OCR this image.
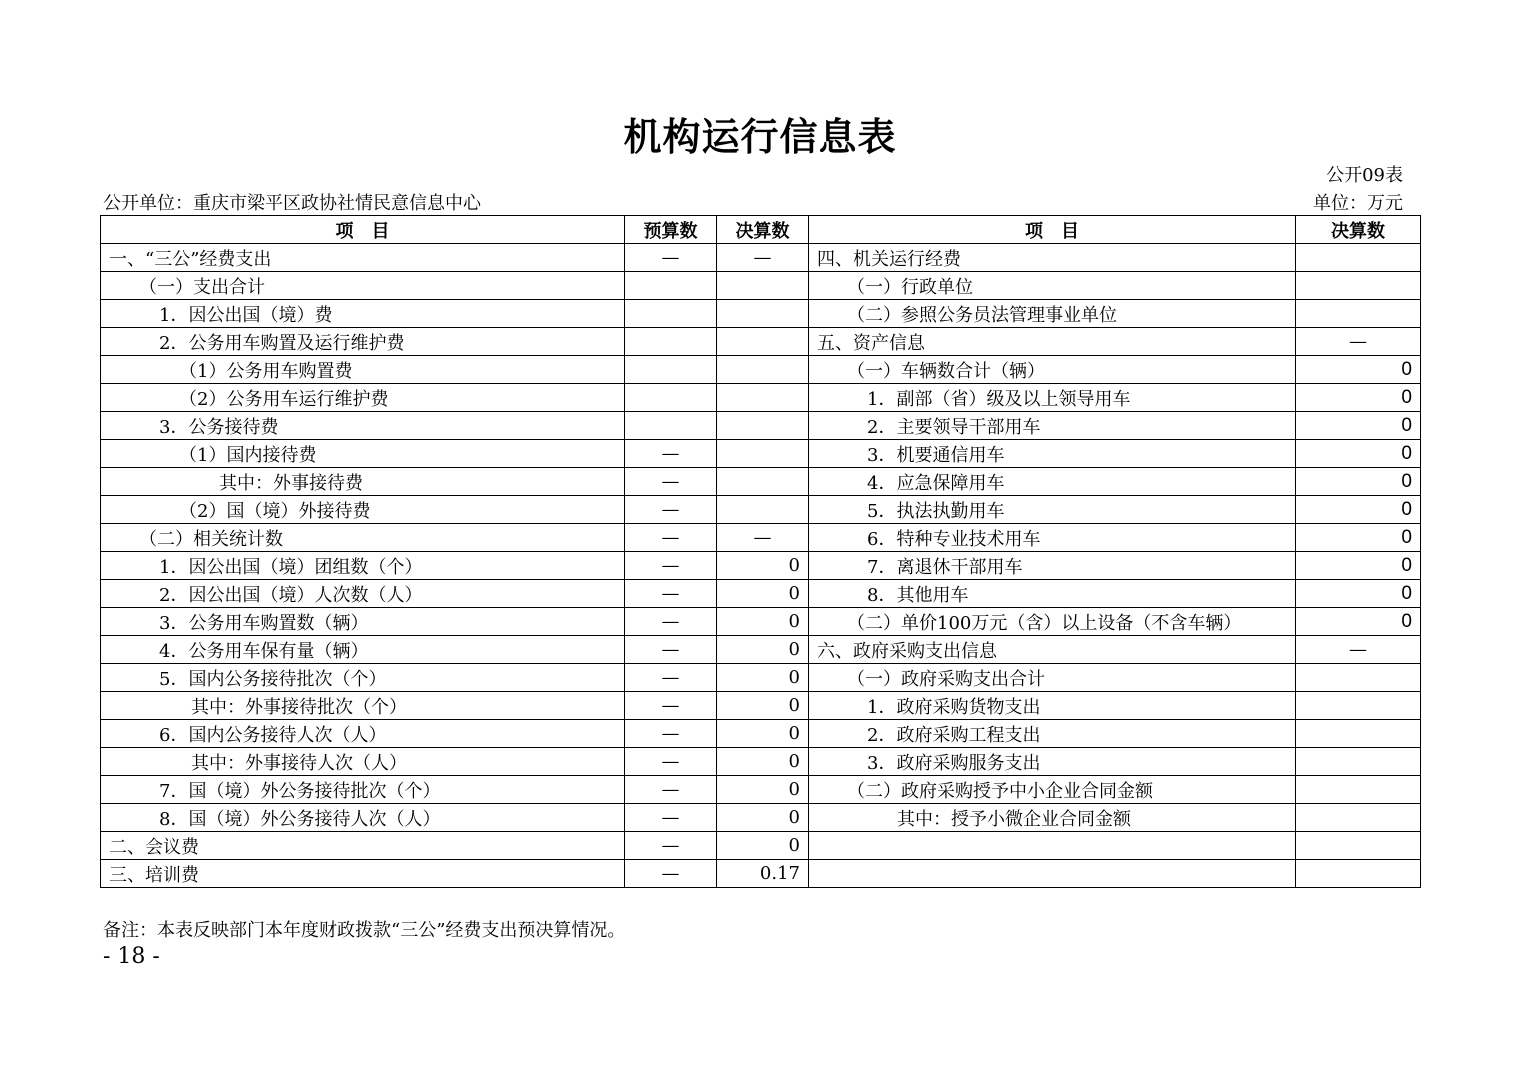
机构运行信息表
公开09表
公开单位：重庆市梁平区政协社情民意信息中心	单位：万元
项　目	预算数	决算数	项　目	决算数
一、“三公”经费支出	—	—	四、机关运行经费	
（一）支出合计			（一）行政单位	
1．因公出国（境）费			（二）参照公务员法管理事业单位	
2．公务用车购置及运行维护费			五、资产信息	—
（1）公务用车购置费			（一）车辆数合计（辆）	0
（2）公务用车运行维护费			1．副部（省）级及以上领导用车	0
3．公务接待费			2．主要领导干部用车	0
（1）国内接待费	—		3．机要通信用车	0
其中：外事接待费	—		4．应急保障用车	0
（2）国（境）外接待费	—		5．执法执勤用车	0
（二）相关统计数	—	—	6．特种专业技术用车	0
1．因公出国（境）团组数（个）	—	0	7．离退休干部用车	0
2．因公出国（境）人次数（人）	—	0	8．其他用车	0
3．公务用车购置数（辆）	—	0	（二）单价100万元（含）以上设备（不含车辆）	0
4．公务用车保有量（辆）	—	0	六、政府采购支出信息	—
5．国内公务接待批次（个）	—	0	（一）政府采购支出合计	
其中：外事接待批次（个）	—	0	1．政府采购货物支出	
6．国内公务接待人次（人）	—	0	2．政府采购工程支出	
其中：外事接待人次（人）	—	0	3．政府采购服务支出	
7．国（境）外公务接待批次（个）	—	0	（二）政府采购授予中小企业合同金额	
8．国（境）外公务接待人次（人）	—	0	其中：授予小微企业合同金额	
二、会议费	—	0		
三、培训费	—	0.17		
备注：本表反映部门本年度财政拨款“三公”经费支出预决算情况。
- 18 -
